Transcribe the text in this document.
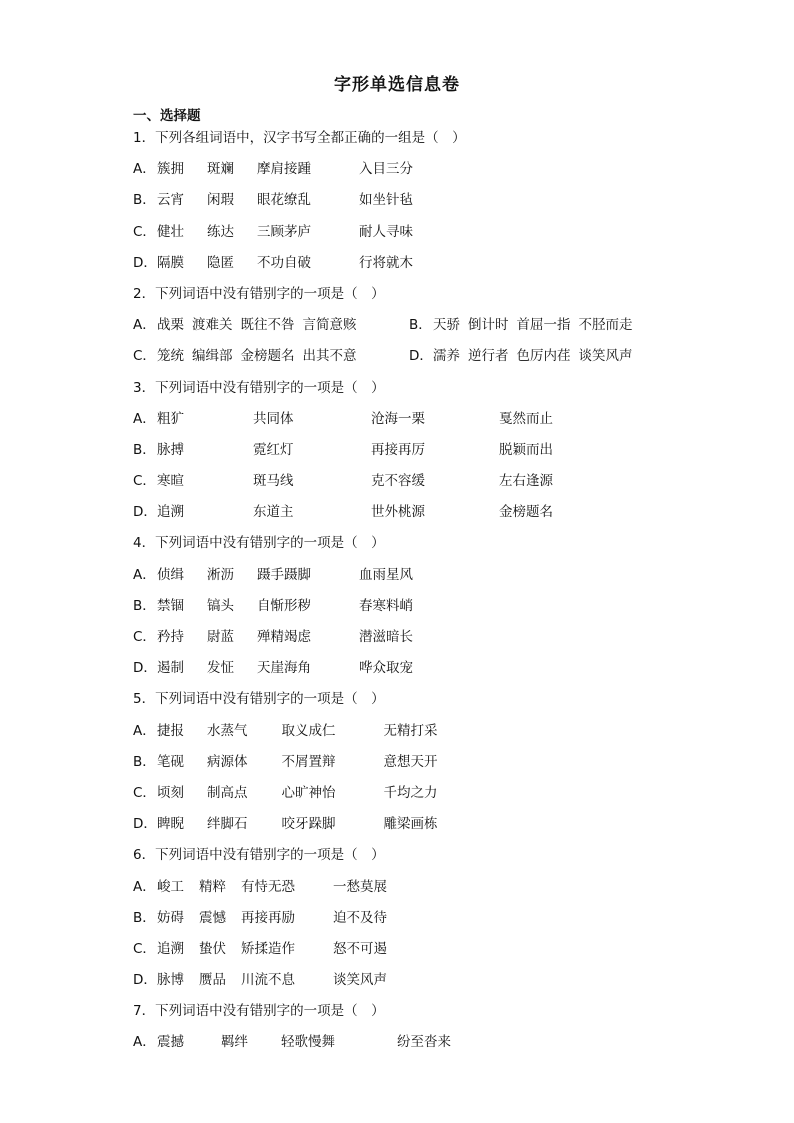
字形单选信息卷
一、选择题
1．下列各组词语中，汉字书写全都正确的一组是（　）
A．簇拥 斑斓 摩肩接踵	入目三分
B．云宵 闲瑕 眼花缭乱	如坐针毡
C．健壮 练达 三顾茅庐	耐人寻味
D．隔膜 隐匿 不功自破	行将就木
2．下列词语中没有错别字的一项是（　）
A．战栗 渡难关 既往不咎 言简意赅	B．天骄 倒计时 首屈一指 不胫而走
C．笼统 编缉部 金榜题名 出其不意	D．濡养 逆行者 色厉内荏 谈笑风声
3．下列词语中没有错别字的一项是（　）
A． 粗犷	共同体	沧海一栗	戛然而止
B． 脉搏	霓红灯	再接再厉	脱颖而出
C． 寒暄	斑马线	克不容缓	左右逢源
D． 追溯	东道主	世外桃源	金榜题名
4．下列词语中没有错别字的一项是（　）
A．侦缉 淅沥 蹑手蹑脚	血雨星风
B．禁锢 镐头 自惭形秽	春寒料峭
C．矜持 尉蓝 殚精竭虑	潜滋暗长
D．遏制 发怔 天崖海角	哗众取宠
5．下列词语中没有错别字的一项是（　）
A．捷报 水蒸气	取义成仁	无精打采
B．笔砚 病源体	不屑置辩	意想天开
C．顷刻 制高点	心旷神怡	千均之力
D．睥睨 绊脚石	咬牙跺脚	雕梁画栋
6．下列词语中没有错别字的一项是（　）
A．峻工 精粹 有恃无恐	一愁莫展
B．妨碍 震憾 再接再励	迫不及待
C．追溯 蛰伏 矫揉造作	怒不可遏
D．脉博 赝品 川流不息	谈笑风声
7．下列词语中没有错别字的一项是（　）
A．震撼	羁绊 轻歌慢舞	纷至沓来
